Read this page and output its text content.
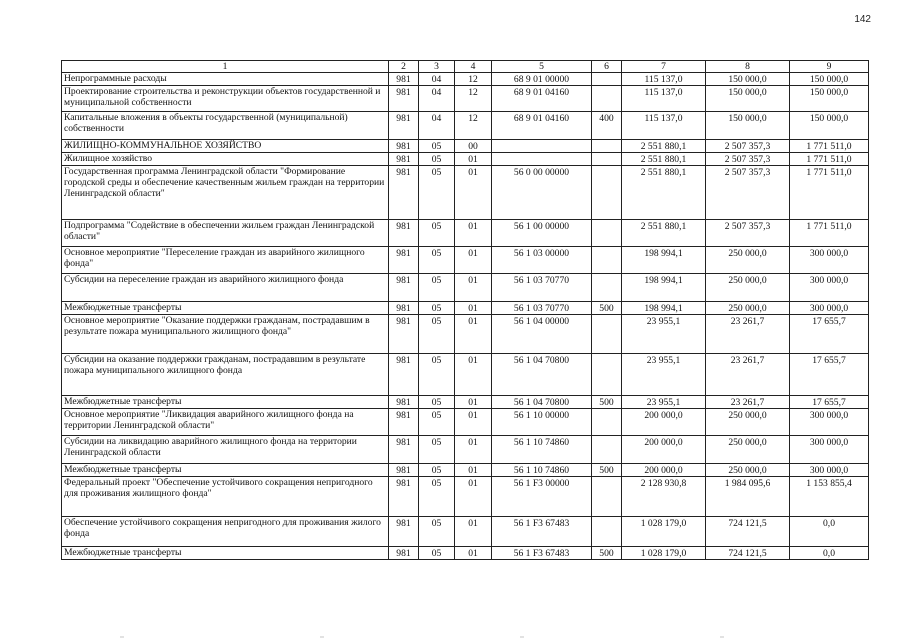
142
1	2	3	4	5	6	7	8	9
Непрограммные расходы	981	04	12	68 9 01 00000		115 137,0	150 000,0	150 000,0
Проектирование строительства и реконструкции объектов государственной и муниципальной собственности	981	04	12	68 9 01 04160		115 137,0	150 000,0	150 000,0
Капитальные вложения в объекты государственной (муниципальной) собственности	981	04	12	68 9 01 04160	400	115 137,0	150 000,0	150 000,0
ЖИЛИЩНО-КОММУНАЛЬНОЕ ХОЗЯЙСТВО	981	05	00			2 551 880,1	2 507 357,3	1 771 511,0
Жилищное хозяйство	981	05	01			2 551 880,1	2 507 357,3	1 771 511,0
Государственная программа Ленинградской области "Формирование городской среды и обеспечение качественным жильем граждан на территории Ленинградской области"	981	05	01	56 0 00 00000		2 551 880,1	2 507 357,3	1 771 511,0
Подпрограмма "Содействие в обеспечении жильем граждан Ленинградской области"	981	05	01	56 1 00 00000		2 551 880,1	2 507 357,3	1 771 511,0
Основное мероприятие "Переселение граждан из аварийного жилищного фонда"	981	05	01	56 1 03 00000		198 994,1	250 000,0	300 000,0
Субсидии на переселение граждан из аварийного жилищного фонда	981	05	01	56 1 03 70770		198 994,1	250 000,0	300 000,0
Межбюджетные трансферты	981	05	01	56 1 03 70770	500	198 994,1	250 000,0	300 000,0
Основное мероприятие "Оказание поддержки гражданам, пострадавшим в результате пожара муниципального жилищного фонда"	981	05	01	56 1 04 00000		23 955,1	23 261,7	17 655,7
Субсидии на оказание поддержки гражданам, пострадавшим в результате пожара муниципального жилищного фонда	981	05	01	56 1 04 70800		23 955,1	23 261,7	17 655,7
Межбюджетные трансферты	981	05	01	56 1 04 70800	500	23 955,1	23 261,7	17 655,7
Основное мероприятие "Ликвидация аварийного жилищного фонда на территории Ленинградской области"	981	05	01	56 1 10 00000		200 000,0	250 000,0	300 000,0
Субсидии на ликвидацию аварийного жилищного фонда на территории Ленинградской области	981	05	01	56 1 10 74860		200 000,0	250 000,0	300 000,0
Межбюджетные трансферты	981	05	01	56 1 10 74860	500	200 000,0	250 000,0	300 000,0
Федеральный проект "Обеспечение устойчивого сокращения непригодного для проживания жилищного фонда"	981	05	01	56 1 F3 00000		2 128 930,8	1 984 095,6	1 153 855,4
Обеспечение устойчивого сокращения непригодного для проживания жилого фонда	981	05	01	56 1 F3 67483		1 028 179,0	724 121,5	0,0
Межбюджетные трансферты	981	05	01	56 1 F3 67483	500	1 028 179,0	724 121,5	0,0
